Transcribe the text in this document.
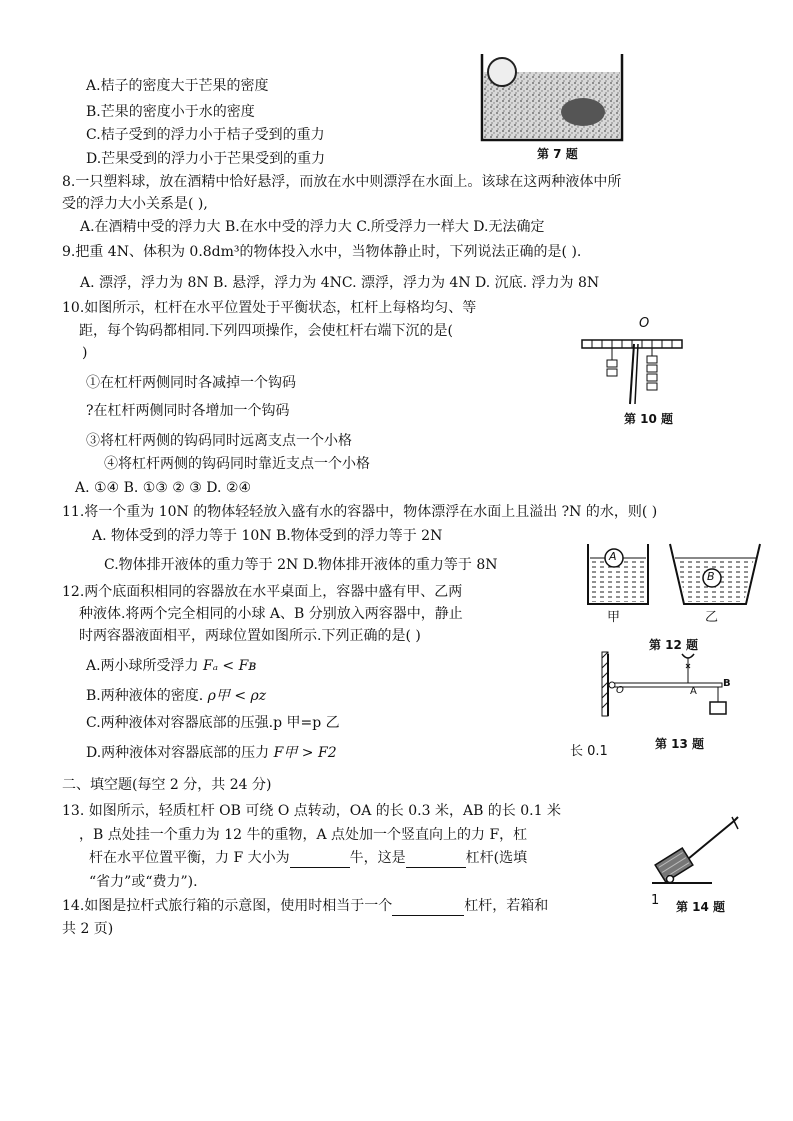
A.桔子的密度大于芒果的密度
B.芒果的密度小于水的密度
C.桔子受到的浮力小于桔子受到的重力
D.芒果受到的浮力小于芒果受到的重力	第 7 题
8.一只塑料球，放在酒精中恰好悬浮，而放在水中则漂浮在水面上。该球在这两种液体中所
受的浮力大小关系是( ),
A.在酒精中受的浮力大 B.在水中受的浮力大 C.所受浮力一样大 D.无法确定
9.把重 4N、体积为 0.8dm³的物体投入水中，当物体静止时，下列说法正确的是( ).
A. 漂浮，浮力为 8N B. 悬浮，浮力为 4NC. 漂浮，浮力为 4N D. 沉底. 浮力为 8N
10.如图所示，杠杆在水平位置处于平衡状态，杠杆上每格均匀、等
距，每个钩码都相同.下列四项操作，会使杠杆右端下沉的是(
)
①在杠杆两侧同时各减掉一个钩码
?在杠杆两侧同时各增加一个钩码
③将杠杆两侧的钩码同时远离支点一个小格
④将杠杆两侧的钩码同时靠近支点一个小格
A. ①④ B. ①③ ② ③ D. ②④
O
第 10 题
11.将一个重为 10N 的物体轻轻放入盛有水的容器中，物体漂浮在水面上且溢出 ?N 的水，则( )
A. 物体受到的浮力等于 10N B.物体受到的浮力等于 2N
C.物体排开液体的重力等于 2N D.物体排开液体的重力等于 8N
A
B
甲	乙
第 12 题
12.两个底面积相同的容器放在水平桌面上，容器中盛有甲、乙两
种液体.将两个完全相同的小球 A、B 分别放入两容器中，静止
时两容器液面相平，两球位置如图所示.下列正确的是( )
A.两小球所受浮力 Fₐ < Fʙ
B.两种液体的密度. ρ甲 < ρz
C.两种液体对容器底部的压强.p 甲=p 乙
D.两种液体对容器底部的压力 F甲 > F2
O	A
B
长 0.1	第 13 题
二、填空题(每空 2 分，共 24 分)
13. 如图所示，轻质杠杆 OB 可绕 O 点转动，OA 的长 0.3 米，AB 的长 0.1 米
，B 点处挂一个重力为 12 牛的重物，A 点处加一个竖直向上的力 F，杠
杆在水平位置平衡，力 F 大小为	牛，这是	杠杆(选填
“省力”或“费力”).
1 第 14 题
14.如图是拉杆式旅行箱的示意图，使用时相当于一个	杠杆，若箱和
共 2 页)
